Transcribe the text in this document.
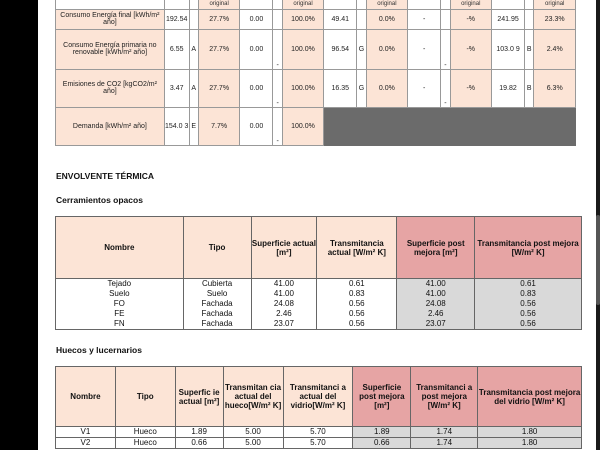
			original			original			original			original			original
Consumo Energía final [kWh/m² año]	192.54		27.7%	0.00		100.0%	49.41		0.0%	-		-%	241.95		23.3%
Consumo Energía primaria no renovable [kWh/m² año]	6.55	A	27.7%	0.00	-	100.0%	96.54	G	0.0%	-	-	-%	103.0 9	B	2.4%
Emisiones de CO2 [kgCO2/m² año]	3.47	A	27.7%	0.00	-	100.0%	16.35	G	0.0%	-	-	-%	19.82	B	6.3%
Demanda [kWh/m² año]	154.0 3	E	7.7%	0.00	-	100.0%									
ENVOLVENTE TÉRMICA
Cerramientos opacos
Nombre	Tipo	Superficie actual [m²]	Transmitancia actual [W/m² K]	Superficie post mejora [m²]	Transmitancia post mejora [W/m² K]
Tejado	Cubierta	41.00	0.61	41.00	0.61
Suelo	Suelo	41.00	0.83	41.00	0.83
FO	Fachada	24.08	0.56	24.08	0.56
FE	Fachada	2.46	0.56	2.46	0.56
FN	Fachada	23.07	0.56	23.07	0.56
Huecos y lucernarios
Nombre	Tipo	Superfic ie actual [m²]	Transmitan cia actual del hueco[W/m² K]	Transmitanci a actual del vidrio[W/m² K]	Superficie post mejora [m²]	Transmitanci a post mejora [W/m² K]	Transmitancia post mejora del vidrio [W/m² K]
V1	Hueco	1.89	5.00	5.70	1.89	1.74	1.80
V2	Hueco	0.66	5.00	5.70	0.66	1.74	1.80
